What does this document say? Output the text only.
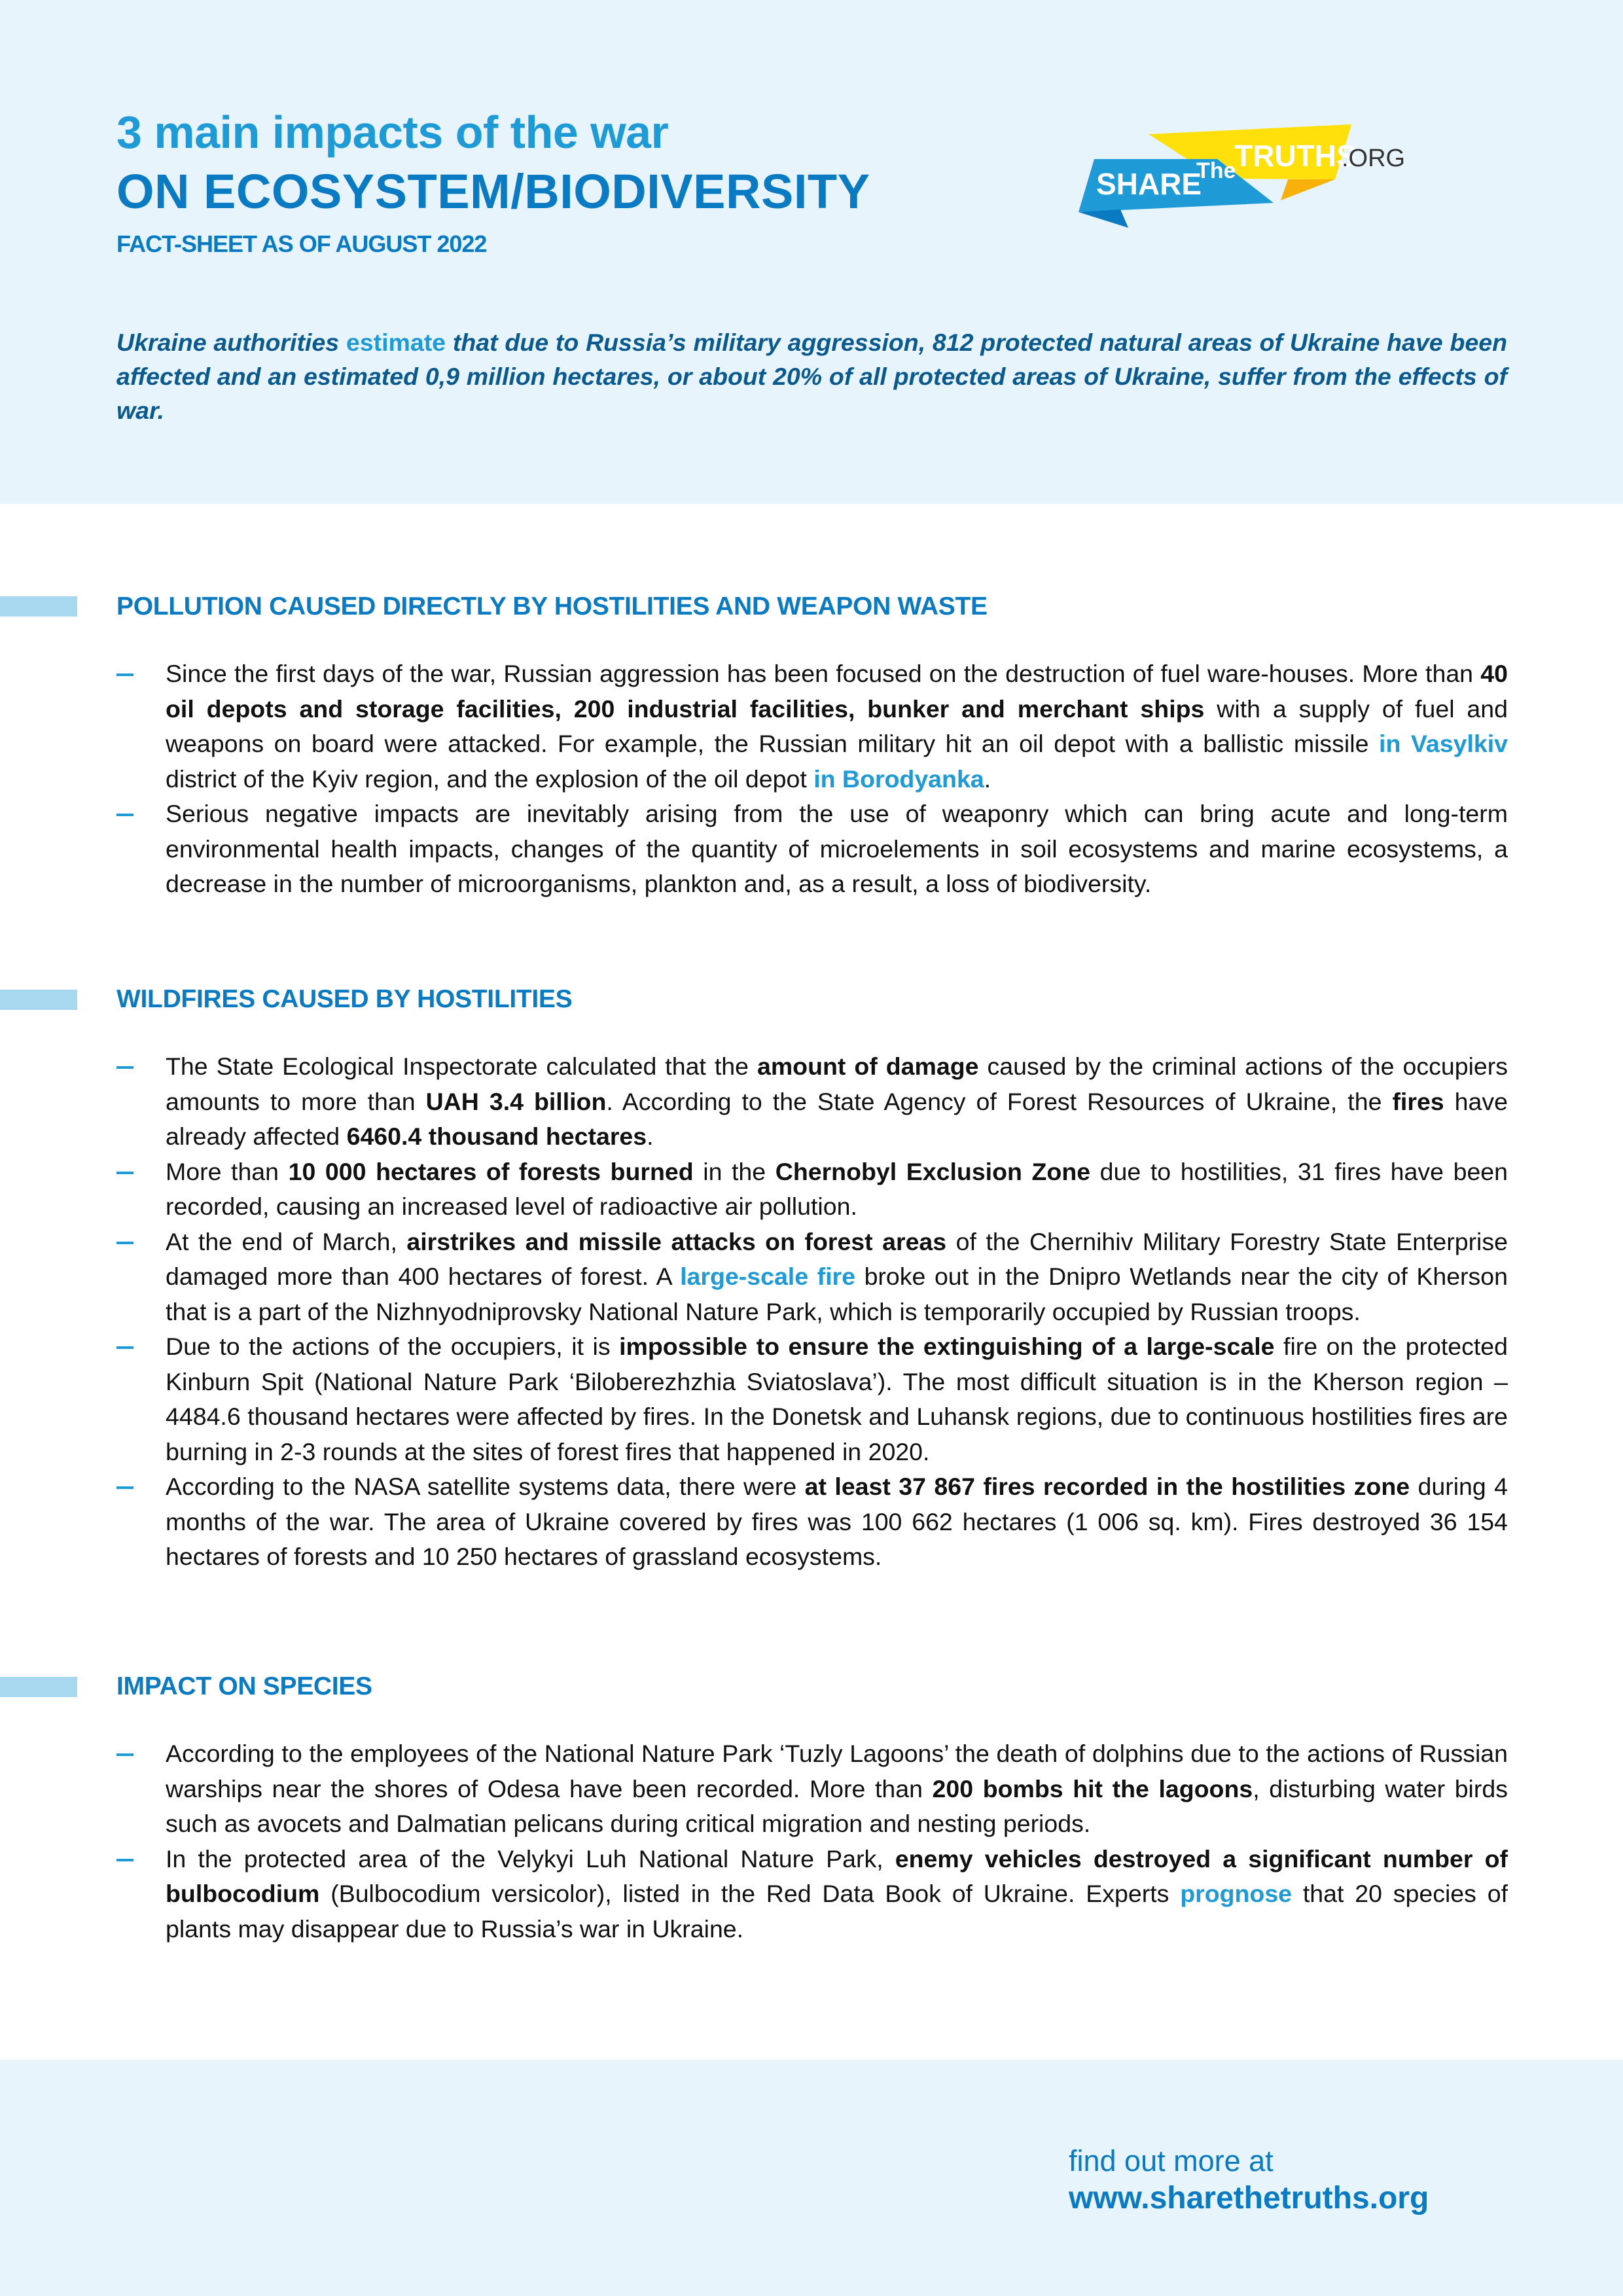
3 main impacts of the war
ON ECOSYSTEM/BIODIVERSITY
FACT-SHEET AS OF AUGUST 2022
SHARE
The
TRUTHS
.ORG
Ukraine authorities estimate that due to Russia’s military aggression, 812 protected natural areas of Ukraine have been affected and an estimated 0,9 million hectares, or about 20% of all protected areas of Ukraine, suffer from the effects of war.
POLLUTION CAUSED DIRECTLY BY HOSTILITIES AND WEAPON WASTE
Since the first days of the war, Russian aggression has been focused on the destruction of fuel ware-houses. More than 40 oil depots and storage facilities, 200 industrial facilities, bunker and merchant ships with a supply of fuel and weapons on board were attacked. For example, the Russian military hit an oil depot with a ballistic missile in Vasylkiv district of the Kyiv region, and the explosion of the oil depot in Borodyanka.
Serious negative impacts are inevitably arising from the use of weaponry which can bring acute and long-term environmental health impacts, changes of the quantity of microelements in soil ecosystems and marine ecosystems, a decrease in the number of microorganisms, plankton and, as a result, a loss of biodiversity.
WILDFIRES CAUSED BY HOSTILITIES
The State Ecological Inspectorate calculated that the amount of damage caused by the criminal actions of the occupiers amounts to more than UAH 3.4 billion. According to the State Agency of Forest Resources of Ukraine, the fires have already affected 6460.4 thousand hectares.
More than 10 000 hectares of forests burned in the Chernobyl Exclusion Zone due to hostilities, 31 fires have been recorded, causing an increased level of radioactive air pollution.
At the end of March, airstrikes and missile attacks on forest areas of the Chernihiv Military Forestry State Enterprise damaged more than 400 hectares of forest. A large-scale fire broke out in the Dnipro Wetlands near the city of Kherson that is a part of the Nizhnyodniprovsky National Nature Park, which is temporarily occupied by Russian troops.
Due to the actions of the occupiers, it is impossible to ensure the extinguishing of a large-scale fire on the protected Kinburn Spit (National Nature Park ‘Biloberezhzhia Sviatoslava’). The most difficult situation is in the Kherson region – 4484.6 thousand hectares were affected by fires. In the Donetsk and Luhansk regions, due to continuous hostilities fires are burning in 2-3 rounds at the sites of forest fires that happened in 2020.
According to the NASA satellite systems data, there were at least 37 867 fires recorded in the hostilities zone during 4 months of the war. The area of Ukraine covered by fires was 100 662 hectares (1 006 sq. km). Fires destroyed 36 154 hectares of forests and 10 250 hectares of grassland ecosystems.
IMPACT ON SPECIES
According to the employees of the National Nature Park ‘Tuzly Lagoons’ the death of dolphins due to the actions of Russian warships near the shores of Odesa have been recorded. More than 200 bombs hit the lagoons, disturbing water birds such as avocets and Dalmatian pelicans during critical migration and nesting periods.
In the protected area of the Velykyi Luh National Nature Park, enemy vehicles destroyed a significant number of bulbocodium (Bulbocodium versicolor), listed in the Red Data Book of Ukraine. Experts prognose that 20 species of plants may disappear due to Russia’s war in Ukraine.
find out more at
www.sharethetruths.org
